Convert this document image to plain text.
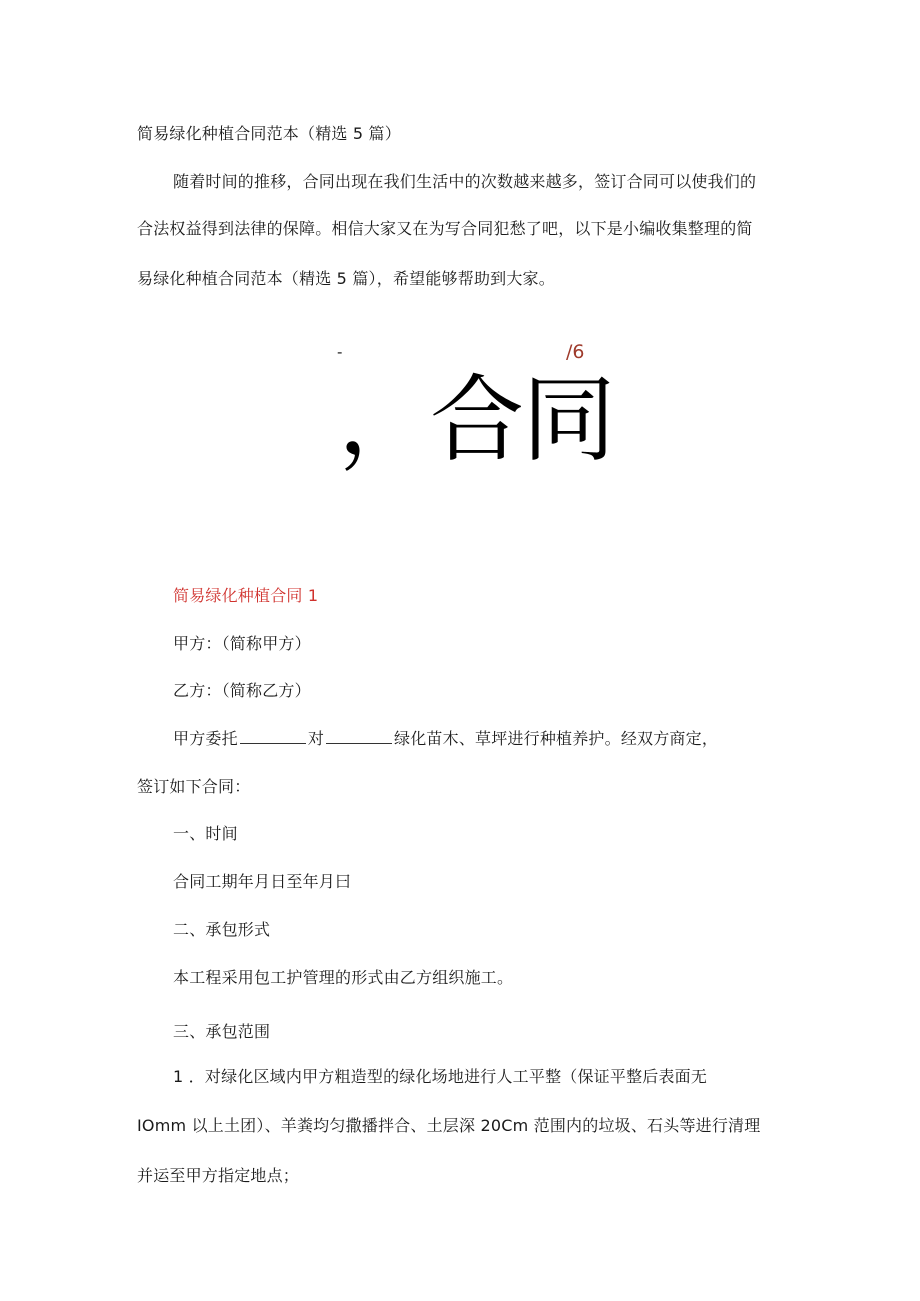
简易绿化种植合同范本（精选 5 篇）
随着时间的推移，合同出现在我们生活中的次数越来越多，签订合同可以使我们的
合法权益得到法律的保障。相信大家又在为写合同犯愁了吧，以下是小编收集整理的简
易绿化种植合同范本（精选 5 篇），希望能够帮助到大家。
-	/6
，合同
简易绿化种植合同 1
甲方：（简称甲方）
乙方：（简称乙方）
甲方委托	对	绿化苗木、草坪进行种植养护。经双方商定，
签订如下合同：
一、时间
合同工期年月日至年月曰
二、承包形式
本工程采用包工护管理的形式由乙方组织施工。
三、承包范围
1 ．对绿化区域内甲方粗造型的绿化场地进行人工平整（保证平整后表面无
IOmm 以上土团）、羊粪均匀撒播拌合、土层深 20Cm 范围内的垃圾、石头等进行清理
并运至甲方指定地点；
